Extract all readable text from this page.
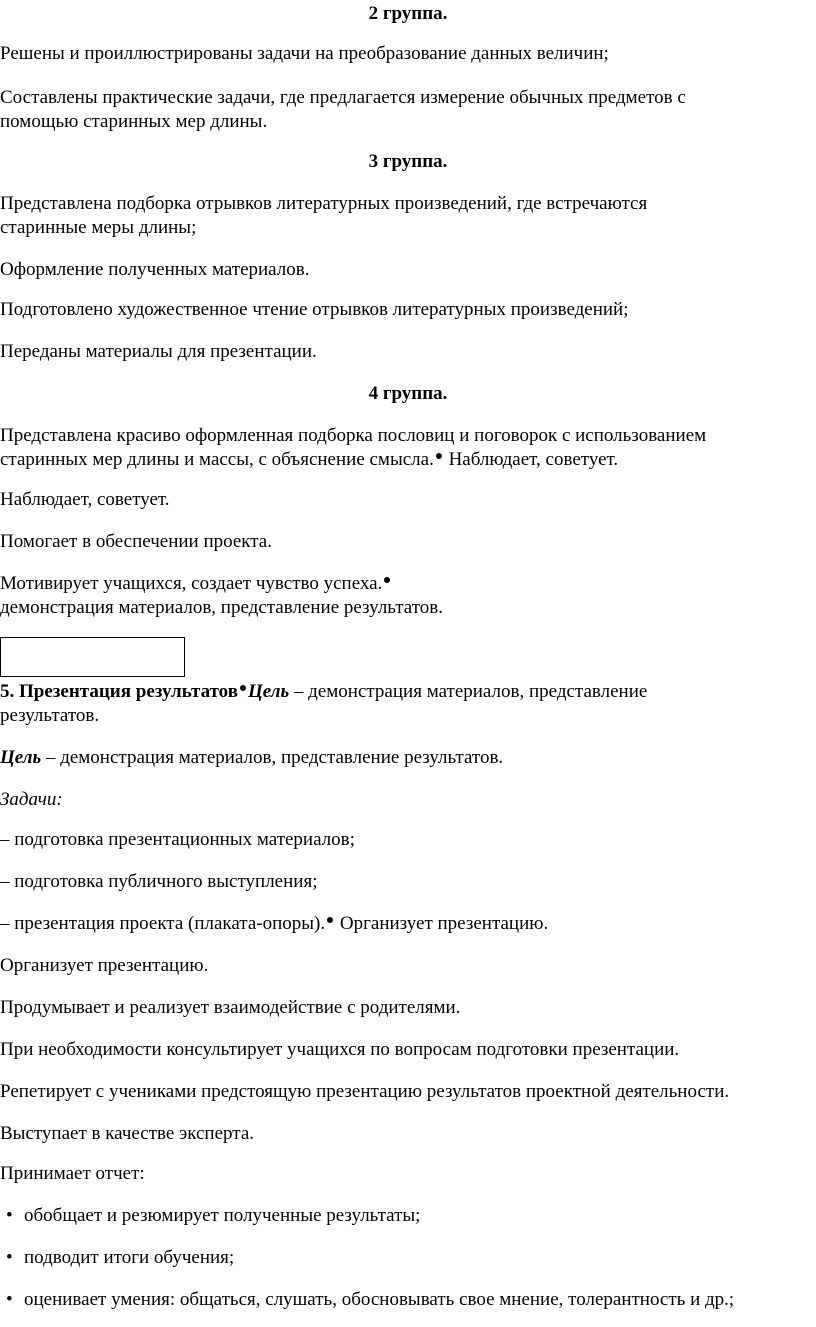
2 группа.
Решены и проиллюстрированы задачи на преобразование данных величин;
Составлены практические задачи, где предлагается измерение обычных предметов с
помощью старинных мер длины.
3 группа.
Представлена подборка отрывков литературных произведений, где встречаются
старинные меры длины;
Оформление полученных материалов.
Подготовлено художественное чтение отрывков литературных произведений;
Переданы материалы для презентации.
4 группа.
Представлена красиво оформленная подборка пословиц и поговорок с использованием
старинных мер длины и массы, с объяснение смысла. Наблюдает, советует.
Наблюдает, советует.
Помогает в обеспечении проекта.
Мотивирует учащихся, создает чувство успеха.
демонстрация материалов, представление результатов.
5. Презентация результатов Цель – демонстрация материалов, представление
результатов.
Цель – демонстрация материалов, представление результатов.
Задачи:
– подготовка презентационных материалов;
– подготовка публичного выступления;
– презентация проекта (плаката-опоры). Организует презентацию.
Организует презентацию.
Продумывает и реализует взаимодействие с родителями.
При необходимости консультирует учащихся по вопросам подготовки презентации.
Репетирует с учениками предстоящую презентацию результатов проектной деятельности.
Выступает в качестве эксперта.
Принимает отчет:
• обобщает и резюмирует полученные результаты;
• подводит итоги обучения;
• оценивает умения: общаться, слушать, обосновывать свое мнение, толерантность и др.;
